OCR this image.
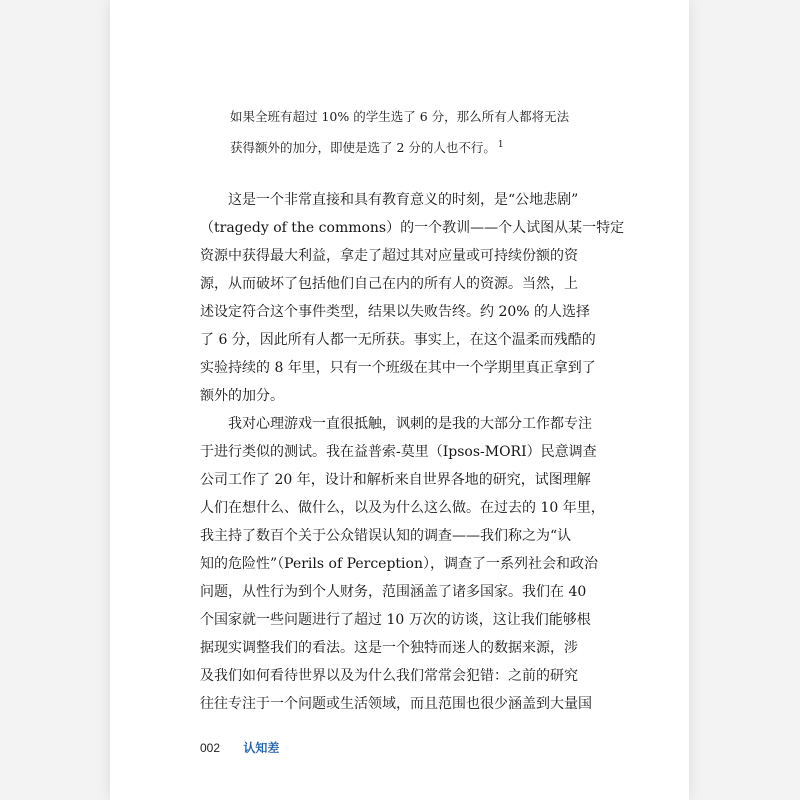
如果全班有超过 10% 的学生选了 6 分，那么所有人都将无法
获得额外的加分，即使是选了 2 分的人也不行。 $^1$
　　这是一个非常直接和具有教育意义的时刻，是“公地悲剧”
（tragedy of the commons）的一个教训——个人试图从某一特定
资源中获得最大利益，拿走了超过其对应量或可持续份额的资
源，从而破坏了包括他们自己在内的所有人的资源。当然，上
述设定符合这个事件类型，结果以失败告终。约 20% 的人选择
了 6 分，因此所有人都一无所获。事实上，在这个温柔而残酷的
实验持续的 8 年里，只有一个班级在其中一个学期里真正拿到了
额外的加分。
　　我对心理游戏一直很抵触，讽刺的是我的大部分工作都专注
于进行类似的测试。我在益普索-莫里（Ipsos-MORI）民意调查
公司工作了 20 年，设计和解析来自世界各地的研究，试图理解
人们在想什么、做什么，以及为什么这么做。在过去的 10 年里，
我主持了数百个关于公众错误认知的调查——我们称之为“认
知的危险性”（Perils of Perception），调查了一系列社会和政治
问题，从性行为到个人财务，范围涵盖了诸多国家。我们在 40
个国家就一些问题进行了超过 10 万次的访谈，这让我们能够根
据现实调整我们的看法。这是一个独特而迷人的数据来源，涉
及我们如何看待世界以及为什么我们常常会犯错：之前的研究
往往专注于一个问题或生活领域，而且范围也很少涵盖到大量国
002 认知差
